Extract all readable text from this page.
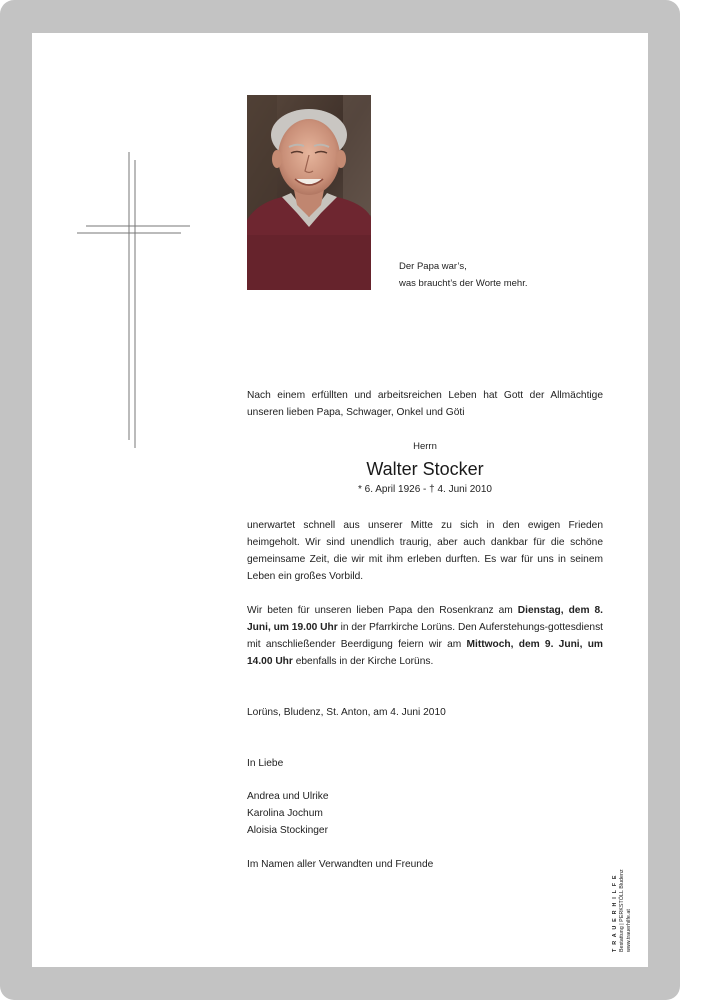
Der Papa war’s,
was braucht’s der Worte mehr.

Nach einem erfüllten und arbeitsreichen Leben hat Gott der Allmächtige unseren lieben Papa, Schwager, Onkel und Göti

Herrn
Walter Stocker
* 6. April 1926 - † 4. Juni 2010

unerwartet schnell aus unserer Mitte zu sich in den ewigen Frieden heimgeholt. Wir sind unendlich traurig, aber auch dankbar für die schöne gemeinsame Zeit, die wir mit ihm erleben durften. Es war für uns in seinem Leben ein großes Vorbild.

Wir beten für unseren lieben Papa den Rosenkranz am Dienstag, dem 8. Juni, um 19.00 Uhr in der Pfarrkirche Lorüns. Den Auferstehungs-gottesdienst mit anschließender Beerdigung feiern wir am Mittwoch, dem 9. Juni, um 14.00 Uhr ebenfalls in der Kirche Lorüns.

Lorüns, Bludenz, St. Anton, am 4. Juni 2010
In Liebe
Andrea und Ulrike
Karolina Jochum
Aloisia Stockinger
Im Namen aller Verwandten und Freunde
T R A U E R H I L F E Bestattung | PERKSTÖLL Bludenz www.trauerhilfe.at
